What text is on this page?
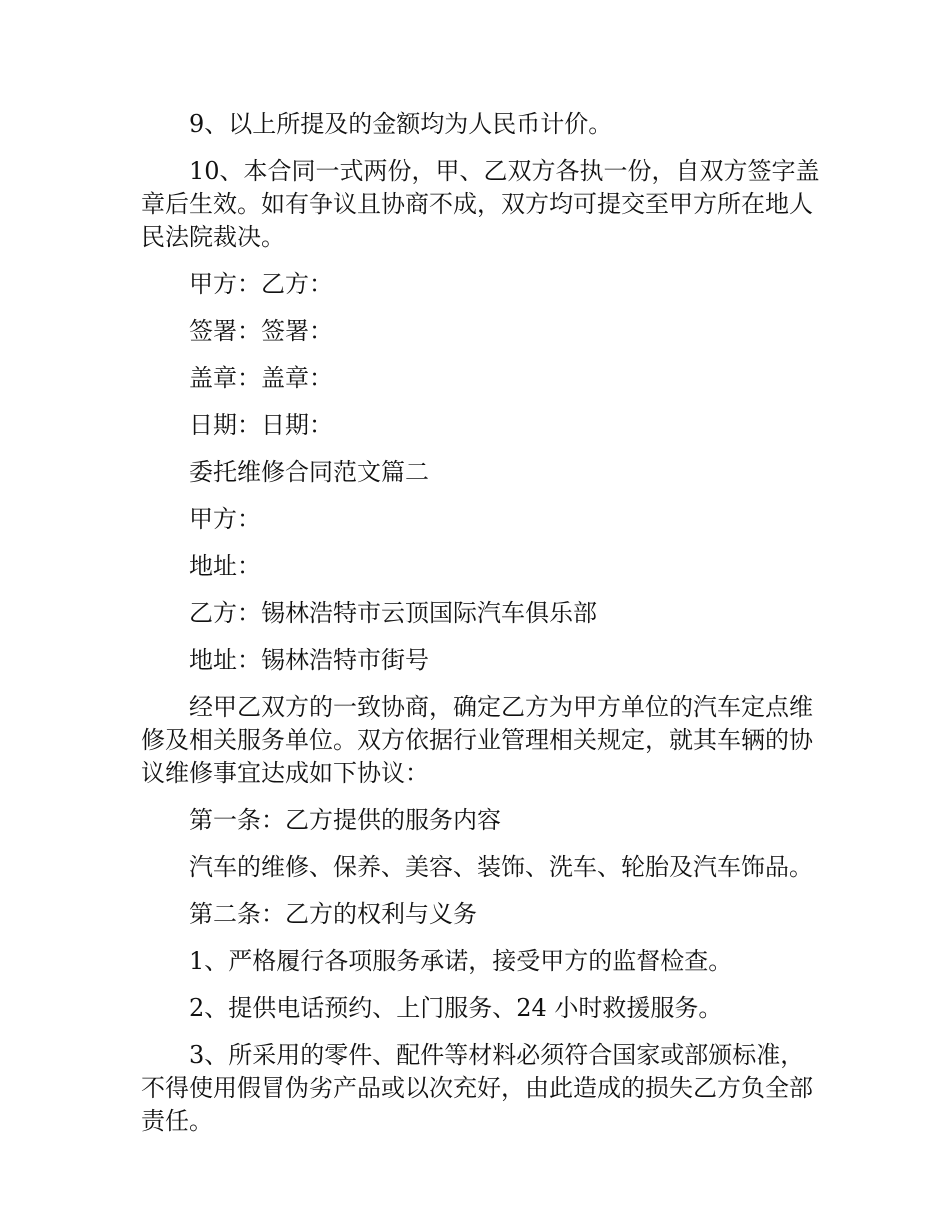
9、以上所提及的金额均为人民币计价。

10、本合同一式两份，甲、乙双方各执一份，自双方签字盖章后生效。如有争议且协商不成，双方均可提交至甲方所在地人民法院裁决。

甲方：乙方：

签署：签署：

盖章：盖章：

日期：日期：

委托维修合同范文篇二

甲方：

地址：

乙方：锡林浩特市云顶国际汽车俱乐部

地址：锡林浩特市街号

经甲乙双方的一致协商，确定乙方为甲方单位的汽车定点维修及相关服务单位。双方依据行业管理相关规定，就其车辆的协议维修事宜达成如下协议：

第一条：乙方提供的服务内容

汽车的维修、保养、美容、装饰、洗车、轮胎及汽车饰品。

第二条：乙方的权利与义务

1、严格履行各项服务承诺，接受甲方的监督检查。

2、提供电话预约、上门服务、24 小时救援服务。

3、所采用的零件、配件等材料必须符合国家或部颁标准，不得使用假冒伪劣产品或以次充好，由此造成的损失乙方负全部责任。
